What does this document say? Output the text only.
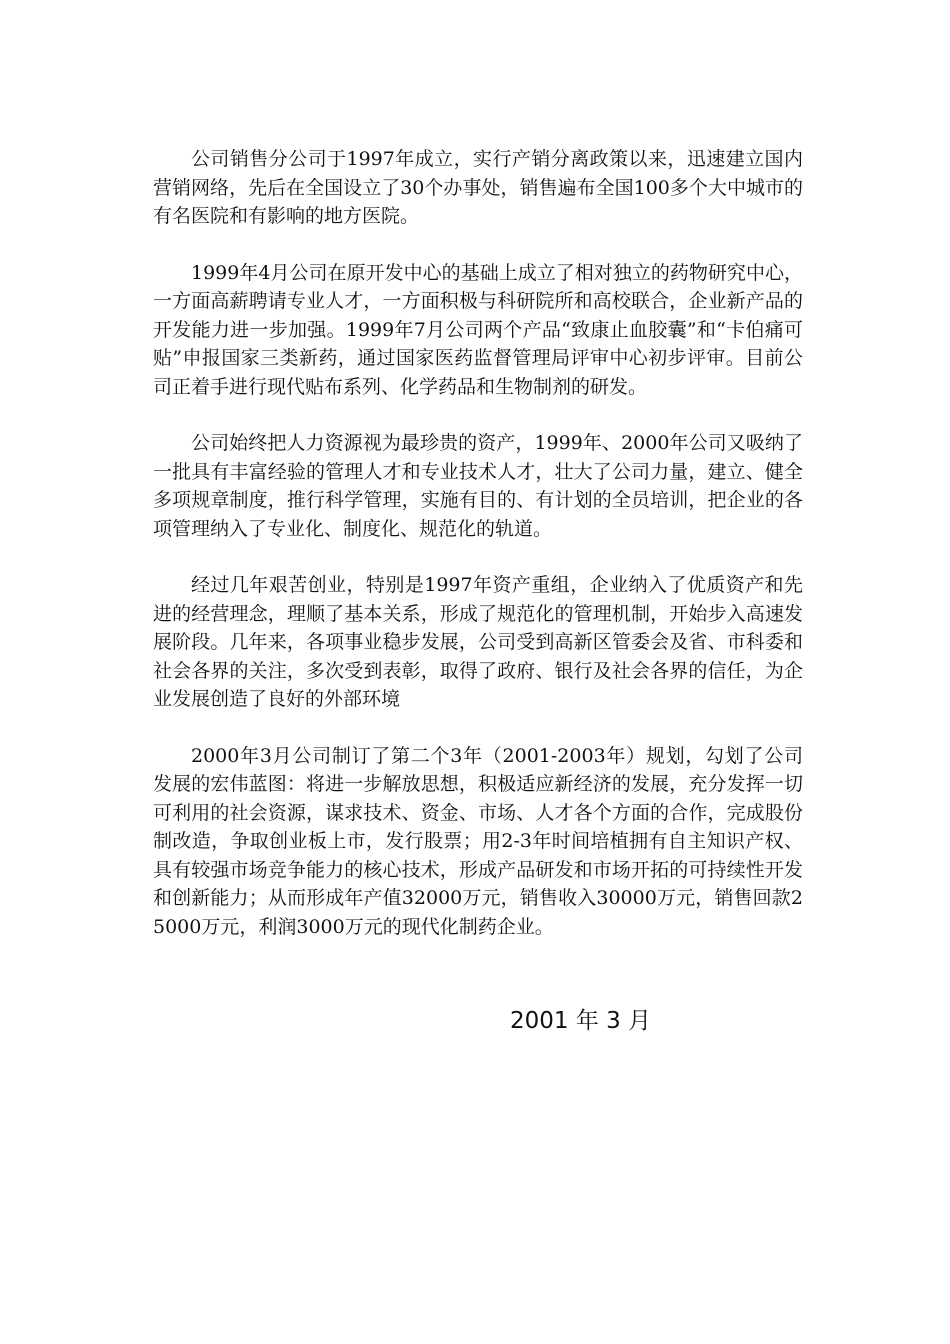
公司销售分公司于1997年成立，实行产销分离政策以来，迅速建立国内营销网络，先后在全国设立了30个办事处，销售遍布全国100多个大中城市的有名医院和有影响的地方医院。

1999年4月公司在原开发中心的基础上成立了相对独立的药物研究中心，一方面高薪聘请专业人才，一方面积极与科研院所和高校联合，企业新产品的开发能力进一步加强。1999年7月公司两个产品“致康止血胶囊”和“卡伯痛可贴”申报国家三类新药，通过国家医药监督管理局评审中心初步评审。目前公司正着手进行现代贴布系列、化学药品和生物制剂的研发。

公司始终把人力资源视为最珍贵的资产，1999年、2000年公司又吸纳了一批具有丰富经验的管理人才和专业技术人才，壮大了公司力量，建立、健全多项规章制度，推行科学管理，实施有目的、有计划的全员培训，把企业的各项管理纳入了专业化、制度化、规范化的轨道。

经过几年艰苦创业，特别是1997年资产重组，企业纳入了优质资产和先进的经营理念，理顺了基本关系，形成了规范化的管理机制，开始步入高速发展阶段。几年来，各项事业稳步发展，公司受到高新区管委会及省、市科委和社会各界的关注，多次受到表彰，取得了政府、银行及社会各界的信任，为企业发展创造了良好的外部环境

2000年3月公司制订了第二个3年（2001-2003年）规划，勾划了公司发展的宏伟蓝图：将进一步解放思想，积极适应新经济的发展，充分发挥一切可利用的社会资源，谋求技术、资金、市场、人才各个方面的合作，完成股份制改造，争取创业板上市，发行股票；用2-3年时间培植拥有自主知识产权、具有较强市场竞争能力的核心技术，形成产品研发和市场开拓的可持续性开发和创新能力；从而形成年产值32000万元，销售收入30000万元，销售回款25000万元，利润3000万元的现代化制药企业。

2001 年 3 月
